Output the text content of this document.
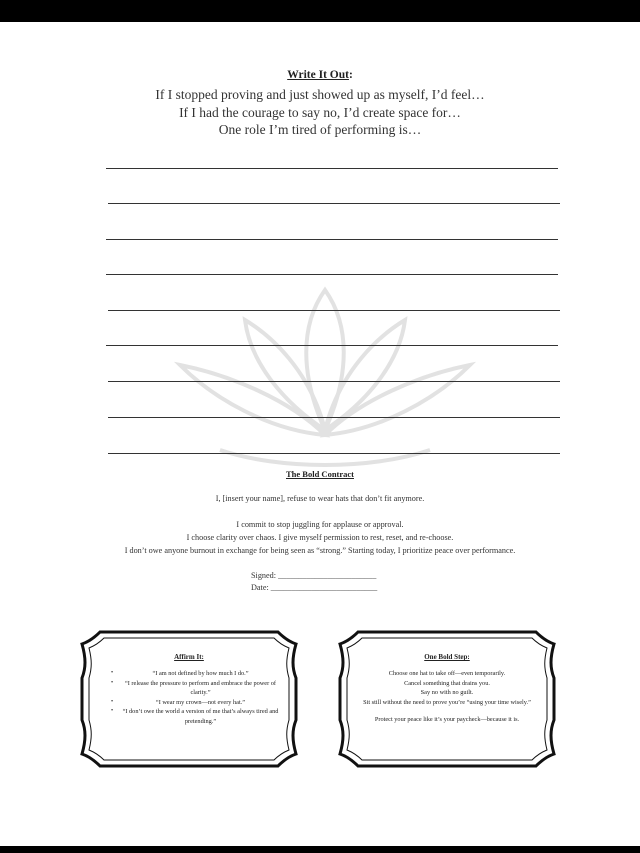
Write It Out:
If I stopped proving and just showed up as myself, I’d feel…
If I had the courage to say no, I’d create space for…
One role I’m tired of performing is…
The Bold Contract
I, [insert your name], refuse to wear hats that don’t fit anymore.
I commit to stop juggling for applause or approval.
I choose clarity over chaos. I give myself permission to rest, reset, and re-choose.
I don’t owe anyone burnout in exchange for being seen as “strong.” Starting today, I prioritize peace over performance.
Signed: ________________________
Date: __________________________
Affirm It:
•	“I am not defined by how much I do.”
• “I release the pressure to perform and embrace the power of clarity.”
•	“I wear my crown—not every hat.”
• “I don’t owe the world a version of me that’s always tired and pretending.”
One Bold Step:
Choose one hat to take off—even temporarily.
Cancel something that drains you.
Say no with no guilt.
Sit still without the need to prove you’re “using your time wisely.”
Protect your peace like it’s your paycheck—because it is.
